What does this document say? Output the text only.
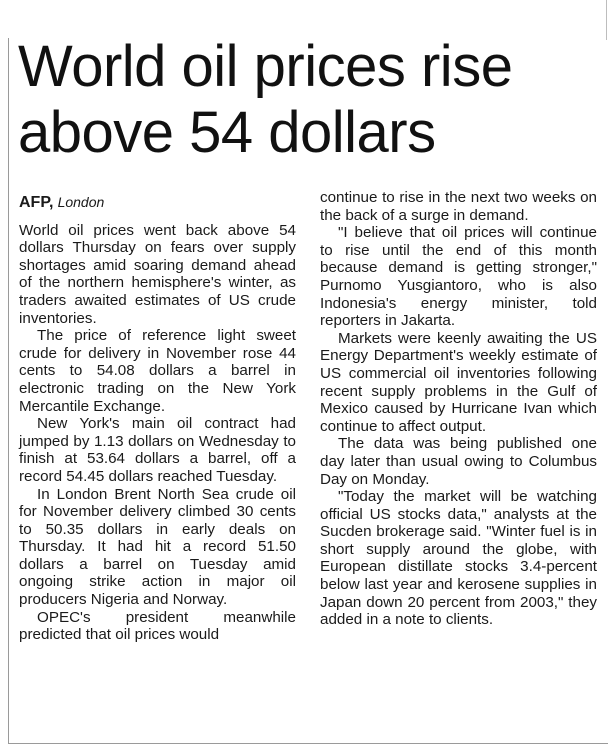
World oil prices rise above 54 dollars
AFP, London

World oil prices went back above 54 dollars Thursday on fears over supply shortages amid soaring demand ahead of the northern hemisphere's winter, as traders awaited estimates of US crude inventories.

The price of reference light sweet crude for delivery in November rose 44 cents to 54.08 dollars a barrel in electronic trading on the New York Mercantile Exchange.

New York's main oil contract had jumped by 1.13 dollars on Wednesday to finish at 53.64 dollars a barrel, off a record 54.45 dollars reached Tuesday.

In London Brent North Sea crude oil for November delivery climbed 30 cents to 50.35 dollars in early deals on Thursday. It had hit a record 51.50 dollars a barrel on Tuesday amid ongoing strike action in major oil producers Nigeria and Norway.

OPEC's president meanwhile predicted that oil prices would

continue to rise in the next two weeks on the back of a surge in demand.

"I believe that oil prices will continue to rise until the end of this month because demand is getting stronger," Purnomo Yusgiantoro, who is also Indonesia's energy minister, told reporters in Jakarta.

Markets were keenly awaiting the US Energy Department's weekly estimate of US commercial oil inventories following recent supply problems in the Gulf of Mexico caused by Hurricane Ivan which continue to affect output.

The data was being published one day later than usual owing to Columbus Day on Monday.

"Today the market will be watching official US stocks data," analysts at the Sucden brokerage said. "Winter fuel is in short supply around the globe, with European distillate stocks 3.4-percent below last year and kerosene supplies in Japan down 20 percent from 2003," they added in a note to clients.
